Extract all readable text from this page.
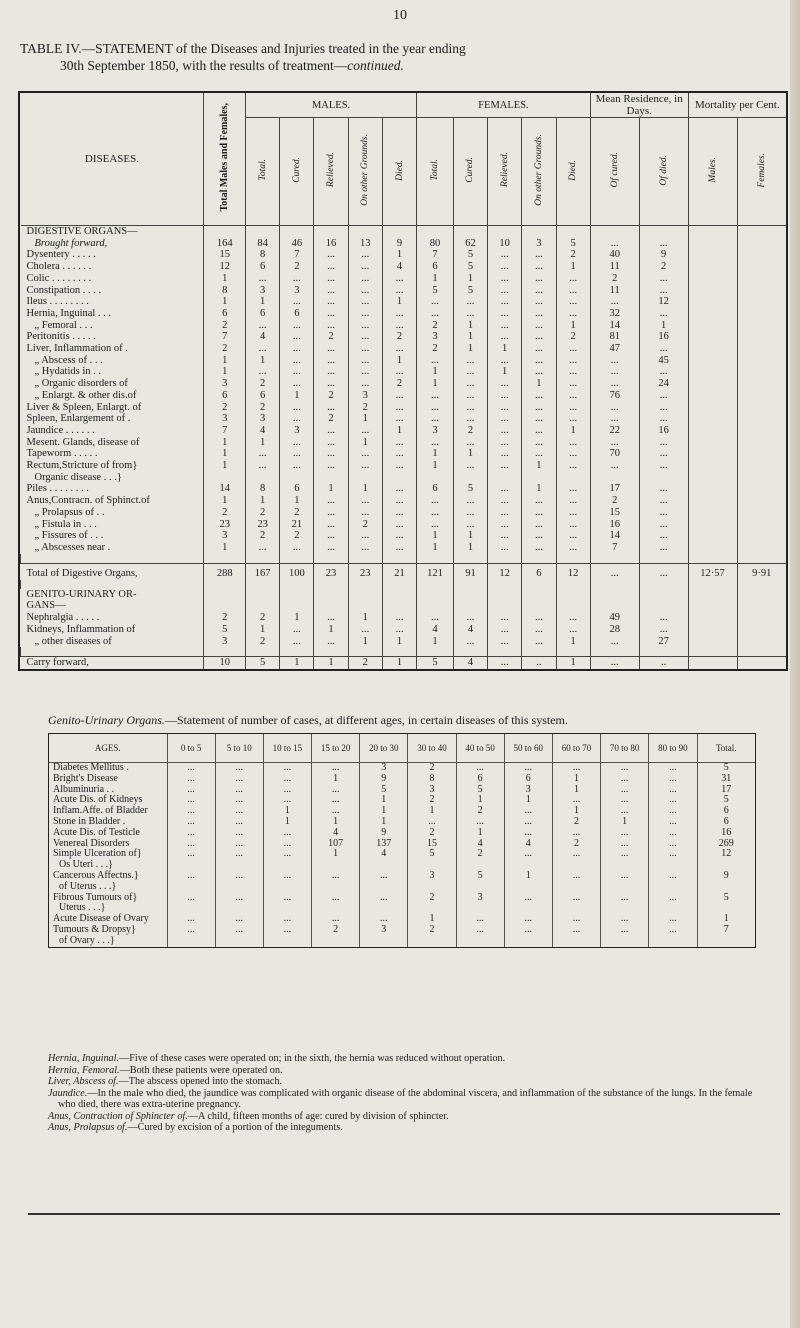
10
TABLE IV.—STATEMENT of the Diseases and Injuries treated in the year ending
30th September 1850, with the results of treatment—continued.
DISEASES.	Total Males and Females,	MALES.					FEMALES.					Mean Residence, in Days.		Mortality per Cent.	
		Total.	Cured.	Relieved.	On other Grounds.	Died.	Total.	Cured.	Relieved.	On other Grounds.	Died.	Of cured.	Of died.	Males.	Females.
DIGESTIVE ORGANS—															
Brought forward,	164	84	46	16	13	9	80	62	10	3	5	...	...		
Dysentery . . . . .	15	8	7	...	...	1	7	5	...	...	2	40	9		
Cholera . . . . . .	12	6	2	...	...	4	6	5	...	...	1	11	2		
Colic . . . . . . . .	1	...	...	...	...	...	1	1	...	...	...	2	...		
Constipation . . . .	8	3	3	...	...	...	5	5	...	...	...	11	...		
Ileus . . . . . . . .	1	1	...	...	...	1	...	...	...	...	...	...	12		
Hernia, Inguinal . . .	6	6	6	...	...	...	...	...	...	...	...	32	...		
„ Femoral . . .	2	...	...	...	...	...	2	1	...	...	1	14	1		
Peritonitis . . . . .	7	4	...	2	...	2	3	1	...	...	2	81	16		
Liver, Inflammation of .	2	...	...	...	...	...	2	1	1	...	...	47	...		
„ Abscess of . . .	1	1	...	...	...	1	...	...	...	...	...	...	45		
„ Hydatids in . .	1	...	...	...	...	...	1	...	1	...	...	...	...		
„ Organic disorders of	3	2	...	...	...	2	1	...	...	1	...	...	24		
„ Enlargt. & other dis.of	6	6	1	2	3	...	...	...	...	...	...	76	...		
Liver & Spleen, Enlargt. of	2	2	...	...	2	...	...	...	...	...	...	...	...		
Spleen, Enlargement of .	3	3	...	2	1	...	...	...	...	...	...	...	...		
Jaundice . . . . . .	7	4	3	...	...	1	3	2	...	...	1	22	16		
Mesent. Glands, disease of	1	1	...	...	1	...	...	...	...	...	...	...	...		
Tapeworm . . . . .	1	...	...	...	...	...	1	1	...	...	...	70	...		
Rectum,Stricture of from}	1	...	...	...	...	...	1	...	...	1	...	...	...		
Organic disease . . .}															
Piles . . . . . . . .	14	8	6	1	1	...	6	5	...	1	...	17	...		
Anus,Contracn. of Sphinct.of	1	1	1	...	...	...	...	...	...	...	...	2	...		
„ Prolapsus of . .	2	2	2	...	...	...	...	...	...	...	...	15	...		
„ Fistula in . . .	23	23	21	...	2	...	...	...	...	...	...	16	...		
„ Fissures of . . .	3	2	2	...	...	...	1	1	...	...	...	14	...		
„ Abscesses near .	1	...	...	...	...	...	1	1	...	...	...	7	...		

Total of Digestive Organs,	288	167	100	23	23	21	121	91	12	6	12	...	...	12·57	9·91

GENITO-URINARY OR-															
GANS—															
Nephralgia . . . . .	2	2	1	...	1	...	...	...	...	...	...	49	...		
Kidneys, Inflammation of	5	1	...	1	...	...	4	4	...	...	...	28	...		
„ other diseases of	3	2	...	...	1	1	1	...	...	...	1	...	27		

Carry forward,	10	5	1	1	2	1	5	4	...	..	1	...	..		
Genito-Urinary Organs.—Statement of number of cases, at different ages, in certain diseases of this system.
AGES.	0 to 5	5 to 10	10 to 15	15 to 20	20 to 30	30 to 40	40 to 50	50 to 60	60 to 70	70 to 80	80 to 90	Total.
Diabetes Mellitus .	...	...	...	...	3	2	...	...	...	...	...	5
Bright's Disease	...	...	...	1	9	8	6	6	1	...	...	31
Albuminuria . .	...	...	...	...	5	3	5	3	1	...	...	17
Acute Dis. of Kidneys	...	...	...	...	1	2	1	1	...	...	...	5
Inflam.Affe. of Bladder	...	...	1	...	1	1	2	...	1	...	...	6
Stone in Bladder .	...	...	1	1	1	...	...	...	2	1	...	6
Acute Dis. of Testicle	...	...	...	4	9	2	1	...	...	...	...	16
Venereal Disorders	...	...	...	107	137	15	4	4	2	...	...	269
Simple Ulceration of}	...	...	...	1	4	5	2	...	...	...	...	12
Os Uteri . . .}												
Cancerous Affectns.}	...	...	...	...	...	3	5	1	...	...	...	9
of Uterus . . .}												
Fibrous Tumours of}	...	...	...	...	...	2	3	...	...	...	...	5
Uterus . . .}												
Acute Disease of Ovary	...	...	...	...	...	1	...	...	...	...	...	1
Tumours & Dropsy}	...	...	...	2	3	2	...	...	...	...	...	7
of Ovary . . .}												

Hernia, Inguinal.—Five of these cases were operated on; in the sixth, the hernia was reduced without operation.

Hernia, Femoral.—Both these patients were operated on.

Liver, Abscess of.—The abscess opened into the stomach.

Jaundice.—In the male who died, the jaundice was complicated with organic disease of the abdominal viscera, and inflammation of the substance of the lungs. In the female who died, there was extra-uterine pregnancy.

Anus, Contraction of Sphincter of.—A child, fifteen months of age: cured by division of sphincter.

Anus, Prolapsus of.—Cured by excision of a portion of the integuments.
